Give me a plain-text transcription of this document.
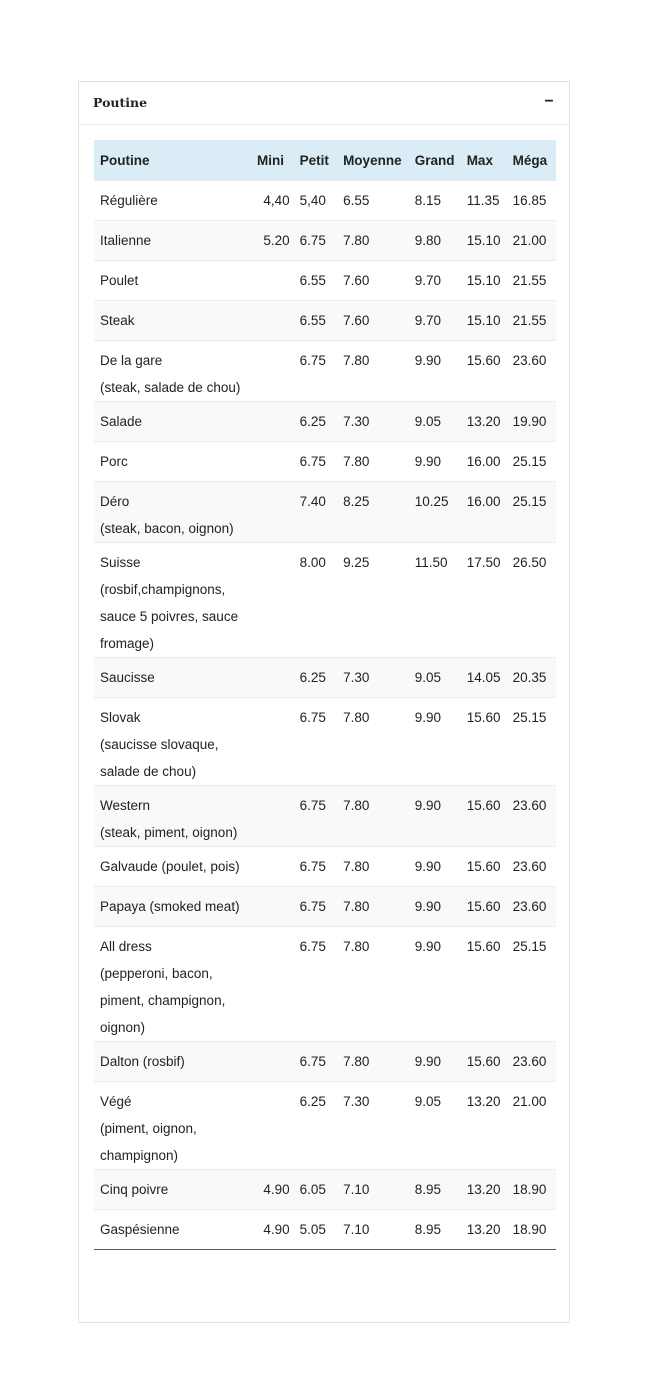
Poutine	−
Poutine	Mini	Petit	Moyenne	Grand	Max	Méga

Régulière	4,40	5,40	6.55	8.15	11.35	16.85

Italienne	5.20	6.75	7.80	9.80	15.10	21.00

Poulet		6.55	7.60	9.70	15.10	21.55

Steak		6.55	7.60	9.70	15.10	21.55

De la gare
(steak, salade de chou)		6.75	7.80	9.90	15.60	23.60

Salade		6.25	7.30	9.05	13.20	19.90

Porc		6.75	7.80	9.90	16.00	25.15

Déro
(steak, bacon, oignon)		7.40	8.25	10.25	16.00	25.15

Suisse
(rosbif,champignons, sauce 5 poivres, sauce fromage)		8.00	9.25	11.50	17.50	26.50

Saucisse		6.25	7.30	9.05	14.05	20.35

Slovak
(saucisse slovaque, salade de chou)		6.75	7.80	9.90	15.60	25.15

Western
(steak, piment, oignon)		6.75	7.80	9.90	15.60	23.60

Galvaude (poulet, pois)		6.75	7.80	9.90	15.60	23.60

Papaya (smoked meat)		6.75	7.80	9.90	15.60	23.60

All dress
(pepperoni, bacon, piment, champignon, oignon)		6.75	7.80	9.90	15.60	25.15

Dalton (rosbif)		6.75	7.80	9.90	15.60	23.60

Végé
(piment, oignon, champignon)		6.25	7.30	9.05	13.20	21.00

Cinq poivre	4.90	6.05	7.10	8.95	13.20	18.90

Gaspésienne	4.90	5.05	7.10	8.95	13.20	18.90
